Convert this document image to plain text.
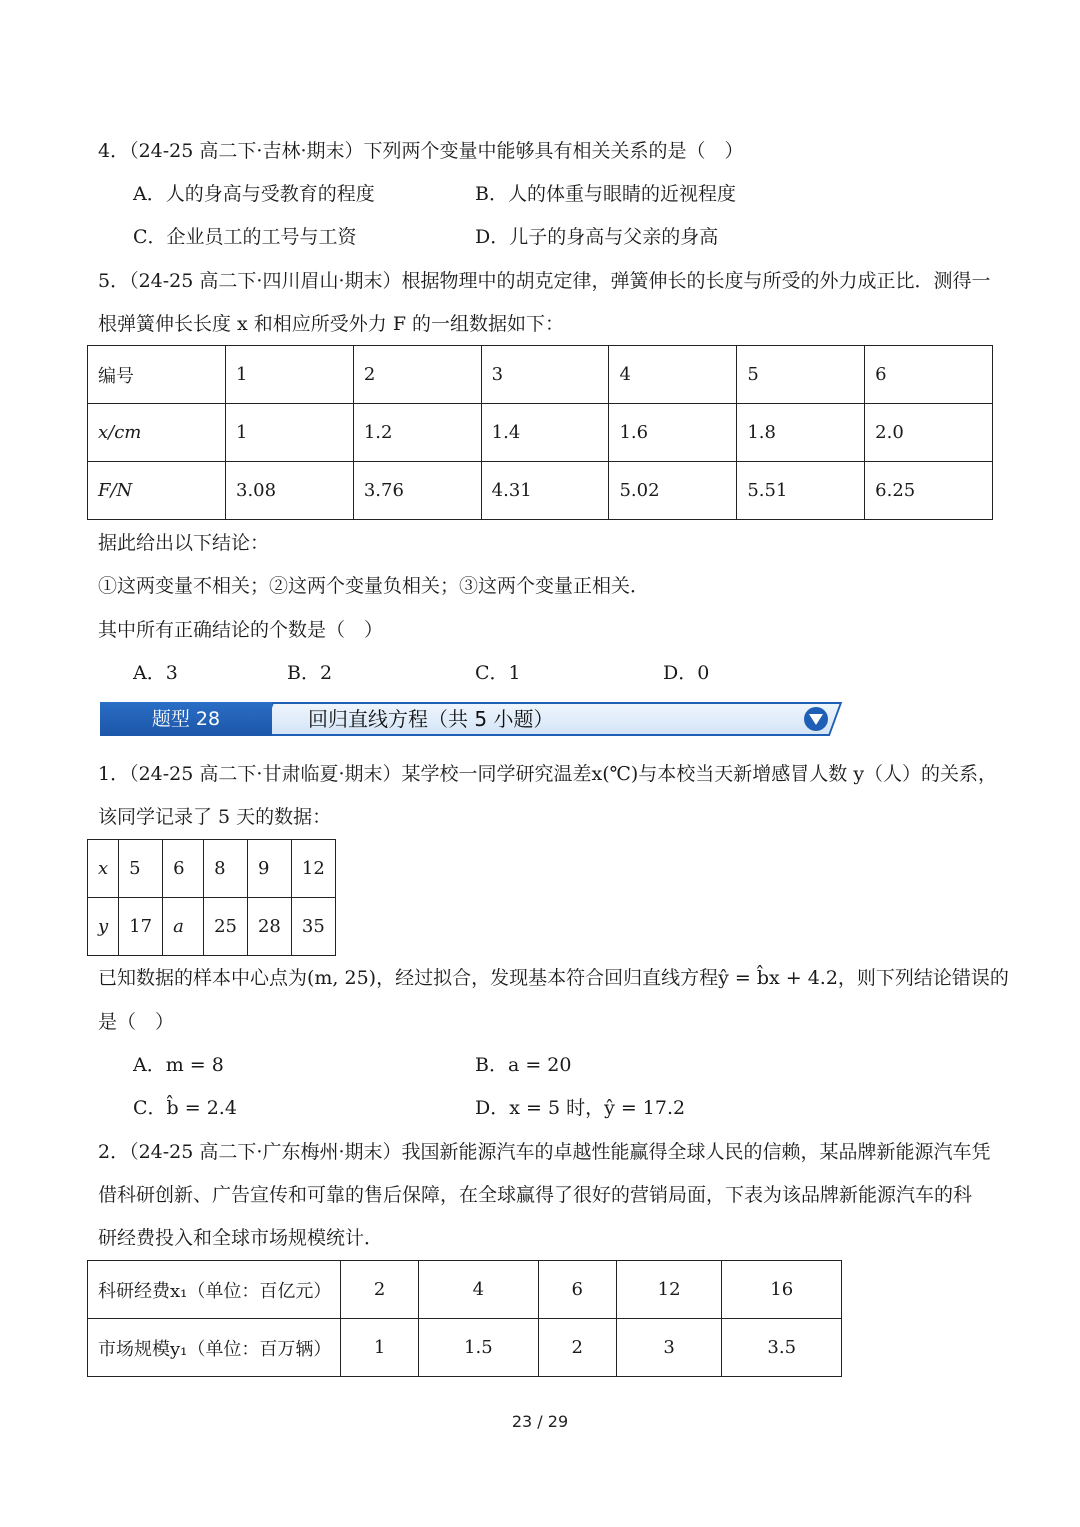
4．（24-25 高二下·吉林·期末）下列两个变量中能够具有相关关系的是（　）
A．人的身高与受教育的程度	B．人的体重与眼睛的近视程度
C．企业员工的工号与工资	D．儿子的身高与父亲的身高
5．（24-25 高二下·四川眉山·期末）根据物理中的胡克定律，弹簧伸长的长度与所受的外力成正比．测得一
根弹簧伸长长度 x 和相应所受外力 F 的一组数据如下：
编号	1	2	3	4	5	6
x/cm	1	1.2	1.4	1.6	1.8	2.0
F/N	3.08	3.76	4.31	5.02	5.51	6.25
据此给出以下结论：
①这两变量不相关；②这两个变量负相关；③这两个变量正相关．
其中所有正确结论的个数是（　）
A．3	B．2	C．1	D．0
题型 28	回归直线方程（共 5 小题）
1．（24-25 高二下·甘肃临夏·期末）某学校一同学研究温差x(℃)与本校当天新增感冒人数 y（人）的关系，
该同学记录了 5 天的数据：
x	5	6	8	9	12
y	17	a	25	28	35
已知数据的样本中心点为(m, 25)，经过拟合，发现基本符合回归直线方程ŷ = b̂x + 4.2，则下列结论错误的
是（　）
A．m = 8	B．a = 20
C．b̂ = 2.4	D．x = 5 时，ŷ = 17.2
2．（24-25 高二下·广东梅州·期末）我国新能源汽车的卓越性能赢得全球人民的信赖，某品牌新能源汽车凭
借科研创新、广告宣传和可靠的售后保障，在全球赢得了很好的营销局面，下表为该品牌新能源汽车的科
研经费投入和全球市场规模统计．
科研经费x₁（单位：百亿元）	2	4	6	12	16
市场规模y₁（单位：百万辆）	1	1.5	2	3	3.5
23 / 29
